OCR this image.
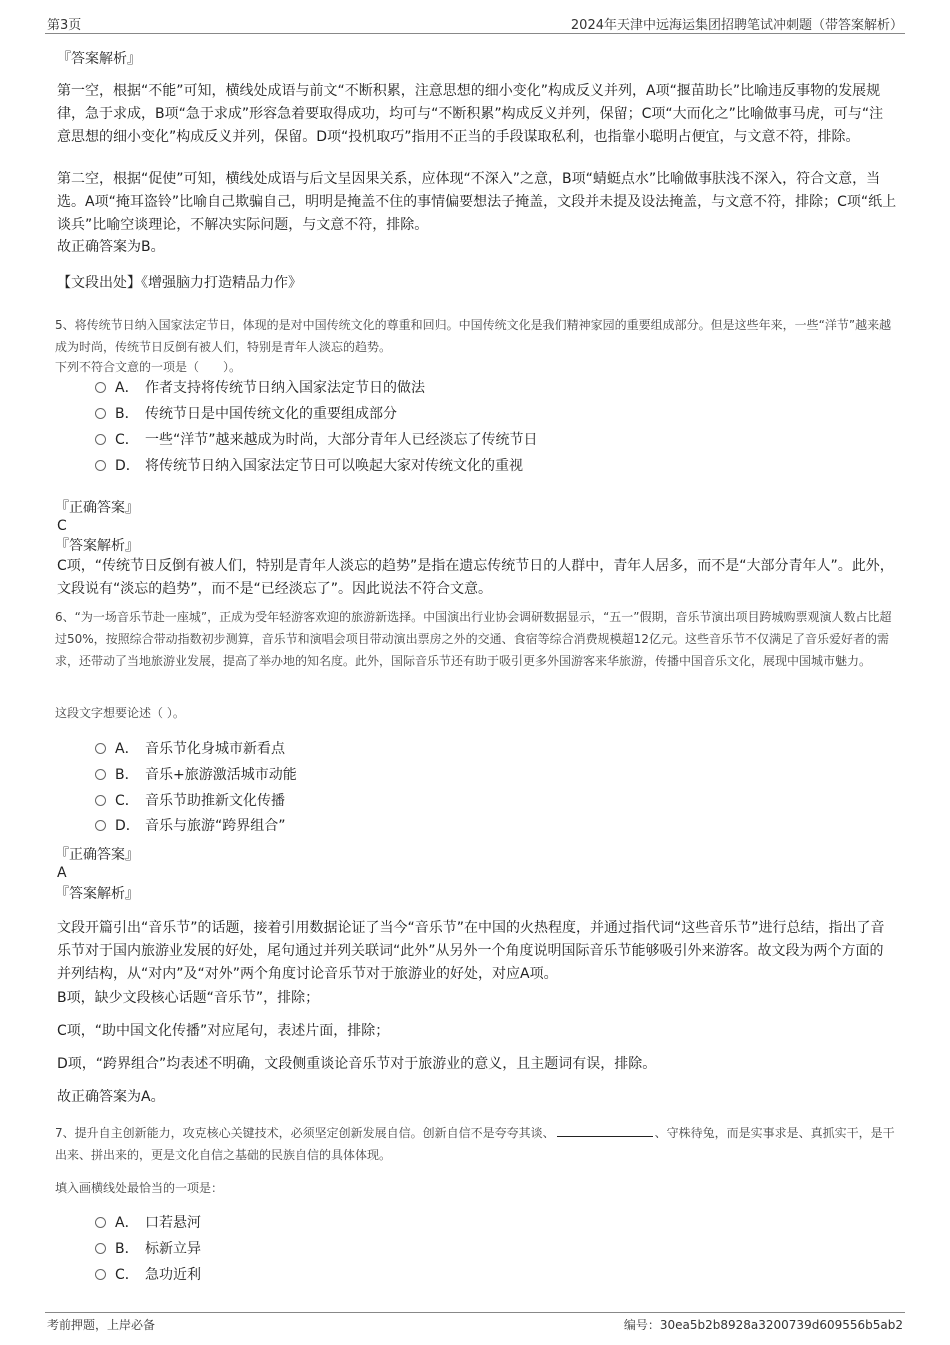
第3页	2024年天津中远海运集团招聘笔试冲刺题（带答案解析）

『答案解析』

第一空，根据“不能”可知，横线处成语与前文“不断积累，注意思想的细小变化”构成反义并列，A项“揠苗助长”比喻违反事物的发展规律，急于求成，B项“急于求成”形容急着要取得成功，均可与“不断积累”构成反义并列，保留；C项“大而化之”比喻做事马虎，可与“注意思想的细小变化”构成反义并列，保留。D项“投机取巧”指用不正当的手段谋取私利，也指靠小聪明占便宜，与文意不符，排除。

第二空，根据“促使”可知，横线处成语与后文呈因果关系，应体现“不深入”之意，B项“蜻蜓点水”比喻做事肤浅不深入，符合文意，当选。A项“掩耳盗铃”比喻自己欺骗自己，明明是掩盖不住的事情偏要想法子掩盖，文段并未提及设法掩盖，与文意不符，排除；C项“纸上谈兵”比喻空谈理论，不解决实际问题，与文意不符，排除。

故正确答案为B。

【文段出处】《增强脑力打造精品力作》

5、将传统节日纳入国家法定节日，体现的是对中国传统文化的尊重和回归。中国传统文化是我们精神家园的重要组成部分。但是这些年来，一些“洋节”越来越成为时尚，传统节日反倒有被人们，特别是青年人淡忘的趋势。

下列不符合文意的一项是（　　）。

A． 作者支持将传统节日纳入国家法定节日的做法
B． 传统节日是中国传统文化的重要组成部分
C． 一些“洋节”越来越成为时尚，大部分青年人已经淡忘了传统节日
D． 将传统节日纳入国家法定节日可以唤起大家对传统文化的重视

『正确答案』

C

『答案解析』

C项，“传统节日反倒有被人们，特别是青年人淡忘的趋势”是指在遗忘传统节日的人群中，青年人居多，而不是“大部分青年人”。此外，文段说有“淡忘的趋势”，而不是“已经淡忘了”。因此说法不符合文意。

6、“为一场音乐节赴一座城”，正成为受年轻游客欢迎的旅游新选择。中国演出行业协会调研数据显示，“五一”假期，音乐节演出项目跨城购票观演人数占比超过50%，按照综合带动指数初步测算，音乐节和演唱会项目带动演出票房之外的交通、食宿等综合消费规模超12亿元。这些音乐节不仅满足了音乐爱好者的需求，还带动了当地旅游业发展，提高了举办地的知名度。此外，国际音乐节还有助于吸引更多外国游客来华旅游，传播中国音乐文化，展现中国城市魅力。

这段文字想要论述（ ）。

A． 音乐节化身城市新看点
B． 音乐+旅游激活城市动能
C． 音乐节助推新文化传播
D． 音乐与旅游“跨界组合”

『正确答案』

A

『答案解析』

文段开篇引出“音乐节”的话题，接着引用数据论证了当今“音乐节”在中国的火热程度，并通过指代词“这些音乐节”进行总结，指出了音乐节对于国内旅游业发展的好处，尾句通过并列关联词“此外”从另外一个角度说明国际音乐节能够吸引外来游客。故文段为两个方面的并列结构，从“对内”及“对外”两个角度讨论音乐节对于旅游业的好处，对应A项。

B项，缺少文段核心话题“音乐节”，排除；

C项，“助中国文化传播”对应尾句，表述片面，排除；

D项，“跨界组合”均表述不明确，文段侧重谈论音乐节对于旅游业的意义，且主题词有误，排除。

故正确答案为A。

7、提升自主创新能力，攻克核心关键技术，必须坚定创新发展自信。创新自信不是夸夸其谈、	、守株待兔，而是实事求是、真抓实干，是干出来、拼出来的，更是文化自信之基础的民族自信的具体体现。

填入画横线处最恰当的一项是：

A． 口若悬河
B． 标新立异
C． 急功近利
考前押题，上岸必备	编号：30ea5b2b8928a3200739d609556b5ab2
